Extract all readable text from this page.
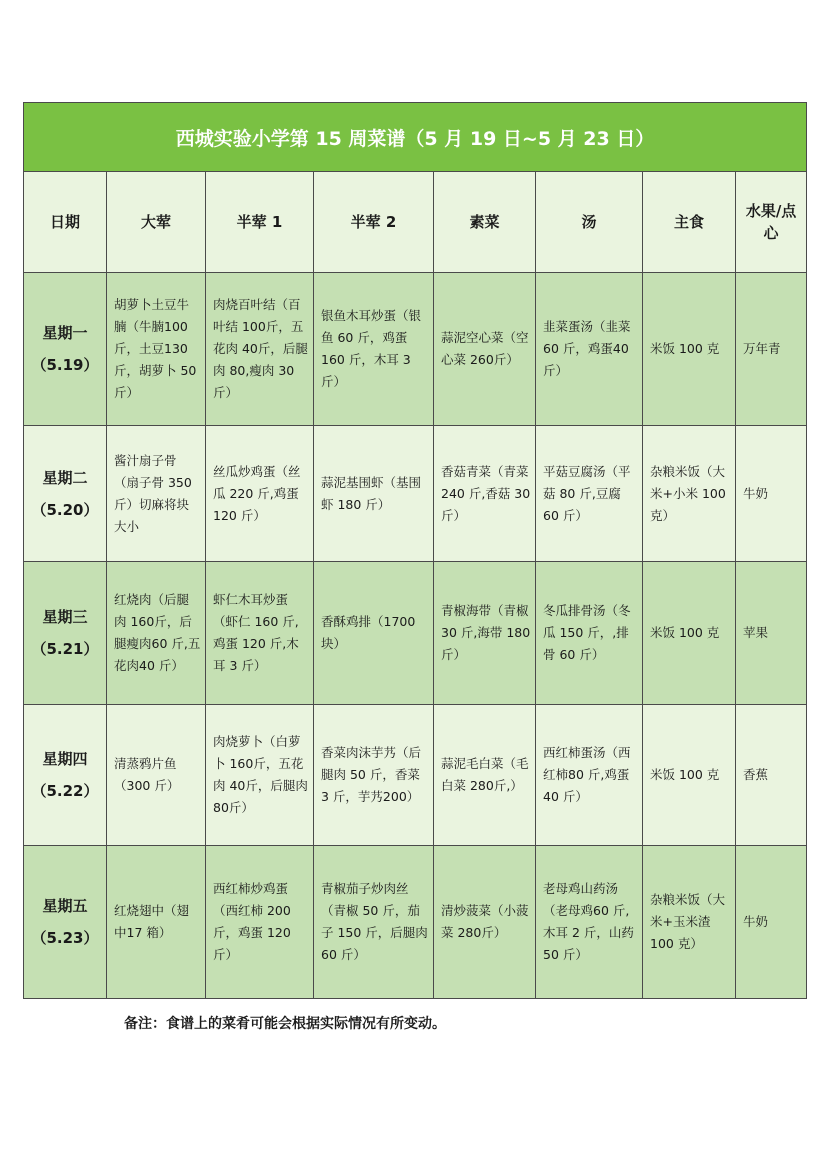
西城实验小学第 15 周菜谱（5 月 19 日~5 月 23 日）							
日期	大荤	半荤 1	半荤 2	素菜	汤	主食	水果/点心
星期一
（5.19）	胡萝卜土豆牛腩（牛腩100 斤，土豆130 斤，胡萝卜 50 斤）	肉烧百叶结（百叶结 100斤，五花肉 40斤，后腿肉 80,瘦肉 30 斤）	银鱼木耳炒蛋（银鱼 60 斤，鸡蛋 160 斤，木耳 3斤）	蒜泥空心菜（空心菜 260斤）	韭菜蛋汤（韭菜 60 斤，鸡蛋40 斤）	米饭 100 克	万年青
星期二
（5.20）	酱汁扇子骨（扇子骨 350斤）切麻将块大小	丝瓜炒鸡蛋（丝瓜 220 斤,鸡蛋 120 斤）	蒜泥基围虾（基围虾 180 斤）	香菇青菜（青菜 240 斤,香菇 30 斤）	平菇豆腐汤（平菇 80 斤,豆腐 60 斤）	杂粮米饭（大米+小米 100 克）	牛奶
星期三
（5.21）	红烧肉（后腿肉 160斤，后腿瘦肉60 斤,五花肉40 斤）	虾仁木耳炒蛋（虾仁 160 斤,鸡蛋 120 斤,木耳 3 斤）	香酥鸡排（1700块）	青椒海带（青椒 30 斤,海带 180 斤）	冬瓜排骨汤（冬瓜 150 斤，,排骨 60 斤）	米饭 100 克	苹果
星期四
（5.22）	清蒸鸦片鱼（300 斤）	肉烧萝卜（白萝卜 160斤，五花肉 40斤，后腿肉 80斤）	香菜肉沫芋艿（后腿肉 50 斤，香菜 3 斤，芋艿200）	蒜泥毛白菜（毛白菜 280斤,）	西红柿蛋汤（西红柿80 斤,鸡蛋 40 斤）	米饭 100 克	香蕉
星期五
（5.23）	红烧翅中（翅中17 箱）	西红柿炒鸡蛋（西红柿 200斤，鸡蛋 120斤）	青椒茄子炒肉丝（青椒 50 斤，茄子 150 斤，后腿肉 60 斤）	清炒菠菜（小菠菜 280斤）	老母鸡山药汤（老母鸡60 斤,木耳 2 斤，山药 50 斤）	杂粮米饭（大米+玉米渣 100 克）	牛奶
备注：食谱上的菜肴可能会根据实际情况有所变动。
